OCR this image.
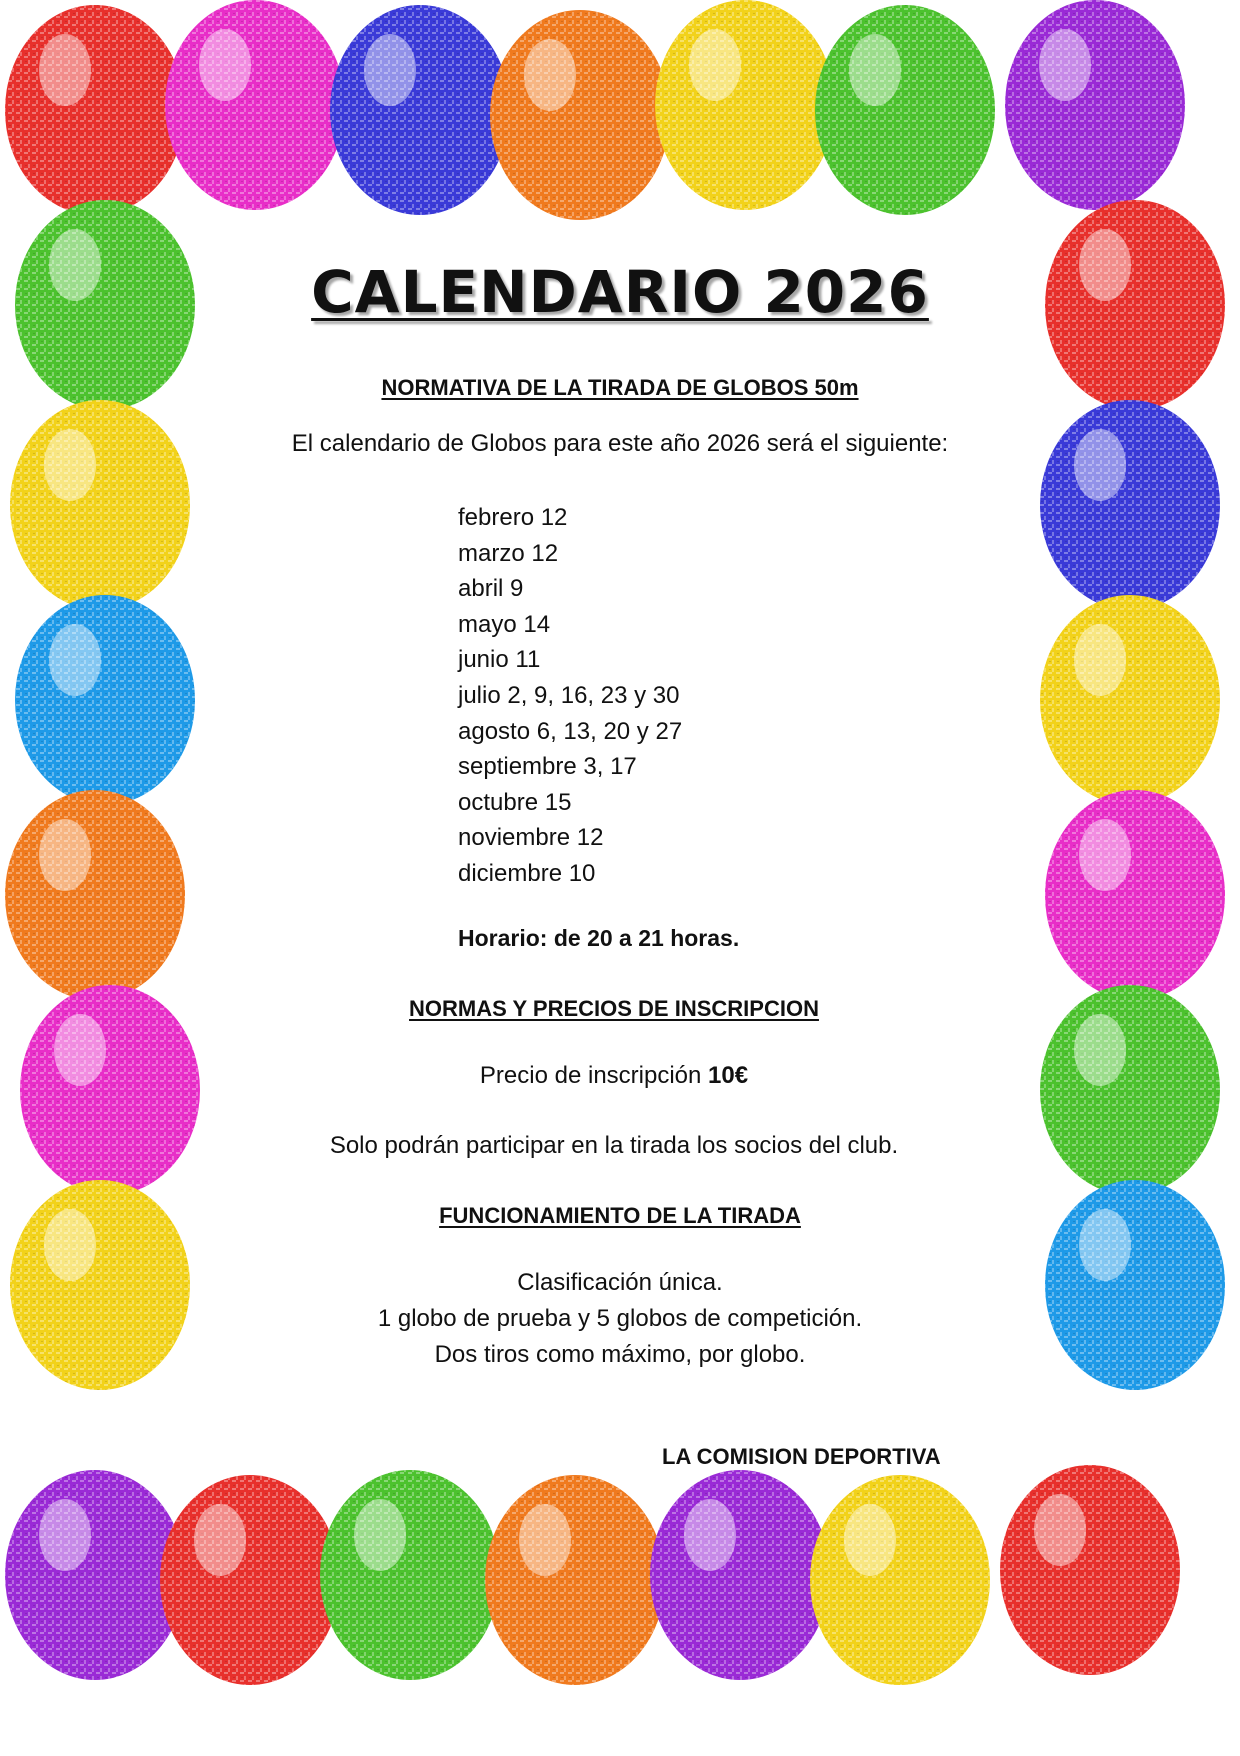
CALENDARIO 2026
NORMATIVA DE LA TIRADA DE GLOBOS 50m
El calendario de Globos para este año 2026 será el siguiente:
febrero 12
marzo 12
abril 9
mayo 14
junio 11
julio 2, 9, 16, 23 y 30
agosto 6, 13, 20 y 27
septiembre 3, 17
octubre 15
noviembre 12
diciembre 10
Horario: de 20 a 21 horas.
NORMAS Y PRECIOS DE INSCRIPCION
Precio de inscripción 10€
Solo podrán participar en la tirada los socios del club.
FUNCIONAMIENTO DE LA TIRADA
Clasificación única.
1 globo de prueba y 5 globos de competición.
Dos tiros como máximo, por globo.
LA COMISION DEPORTIVA
